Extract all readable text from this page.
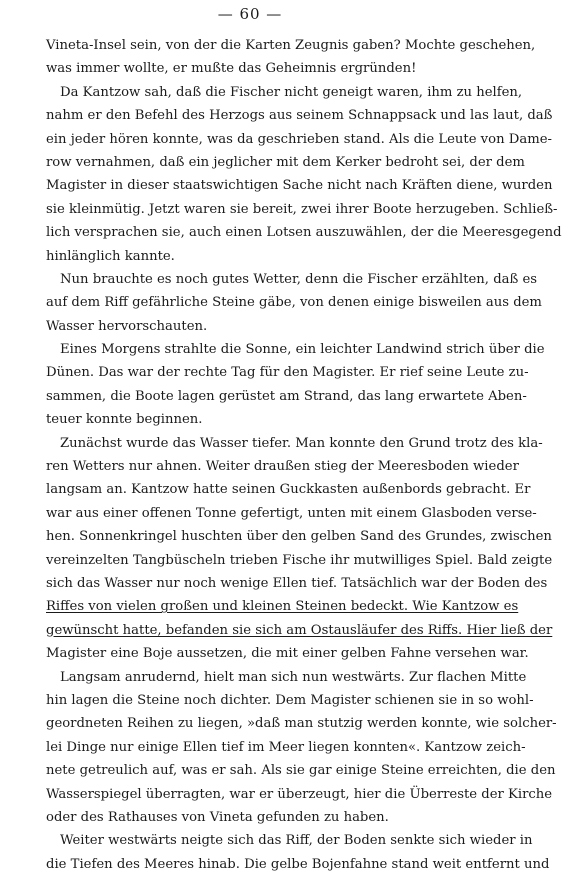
— 60 —
Vineta-Insel sein, von der die Karten Zeugnis gaben? Mochte geschehen,
was immer wollte, er mußte das Geheimnis ergründen!
Da Kantzow sah, daß die Fischer nicht geneigt waren, ihm zu helfen,
nahm er den Befehl des Herzogs aus seinem Schnappsack und las laut, daß
ein jeder hören konnte, was da geschrieben stand. Als die Leute von Dame-
row vernahmen, daß ein jeglicher mit dem Kerker bedroht sei, der dem
Magister in dieser staatswichtigen Sache nicht nach Kräften diene, wurden
sie kleinmütig. Jetzt waren sie bereit, zwei ihrer Boote herzugeben. Schließ-
lich versprachen sie, auch einen Lotsen auszuwählen, der die Meeresgegend
hinlänglich kannte.
Nun brauchte es noch gutes Wetter, denn die Fischer erzählten, daß es
auf dem Riff gefährliche Steine gäbe, von denen einige bisweilen aus dem
Wasser hervorschauten.
Eines Morgens strahlte die Sonne, ein leichter Landwind strich über die
Dünen. Das war der rechte Tag für den Magister. Er rief seine Leute zu-
sammen, die Boote lagen gerüstet am Strand, das lang erwartete Aben-
teuer konnte beginnen.
Zunächst wurde das Wasser tiefer. Man konnte den Grund trotz des kla-
ren Wetters nur ahnen. Weiter draußen stieg der Meeresboden wieder
langsam an. Kantzow hatte seinen Guckkasten außenbords gebracht. Er
war aus einer offenen Tonne gefertigt, unten mit einem Glasboden verse-
hen. Sonnenkringel huschten über den gelben Sand des Grundes, zwischen
vereinzelten Tangbüscheln trieben Fische ihr mutwilliges Spiel. Bald zeigte
sich das Wasser nur noch wenige Ellen tief. Tatsächlich war der Boden des
Riffes von vielen großen und kleinen Steinen bedeckt. Wie Kantzow es
gewünscht hatte, befanden sie sich am Ostausläufer des Riffs. Hier ließ der
Magister eine Boje aussetzen, die mit einer gelben Fahne versehen war.
Langsam anrudernd, hielt man sich nun westwärts. Zur flachen Mitte
hin lagen die Steine noch dichter. Dem Magister schienen sie in so wohl-
geordneten Reihen zu liegen, »daß man stutzig werden konnte, wie solcher-
lei Dinge nur einige Ellen tief im Meer liegen konnten«. Kantzow zeich-
nete getreulich auf, was er sah. Als sie gar einige Steine erreichten, die den
Wasserspiegel überragten, war er überzeugt, hier die Überreste der Kirche
oder des Rathauses von Vineta gefunden zu haben.
Weiter westwärts neigte sich das Riff, der Boden senkte sich wieder in
die Tiefen des Meeres hinab. Die gelbe Bojenfahne stand weit entfernt und
